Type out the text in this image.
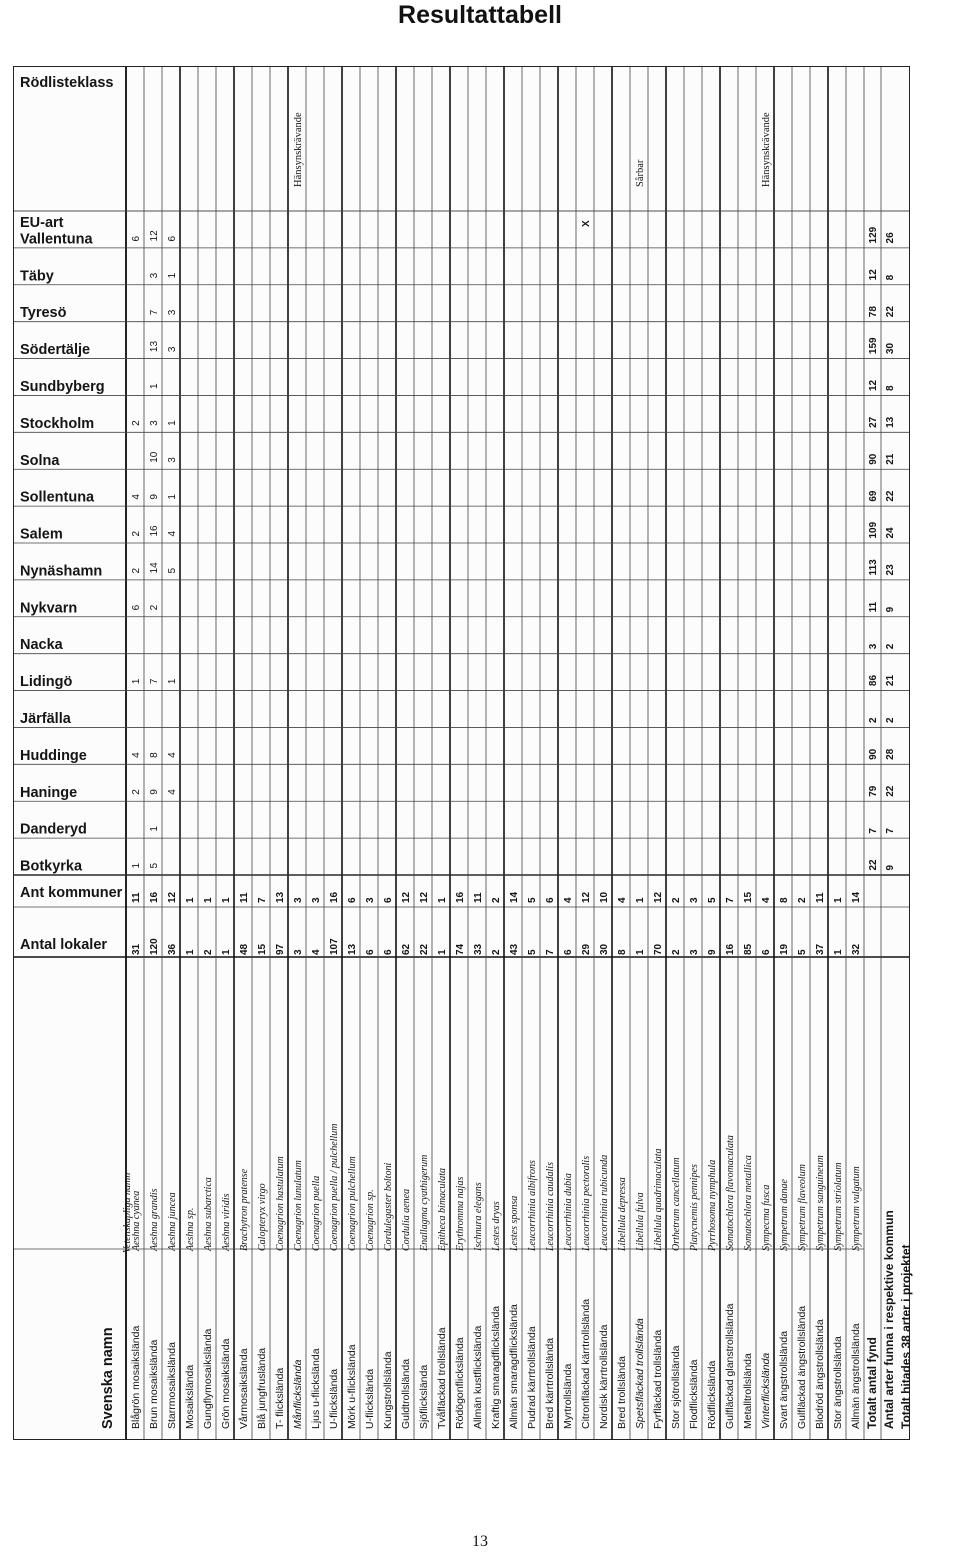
Resultattabell
Rödlisteklass
EU-art
Vallentuna
Täby
Tyresö
Södertälje
Sundbyberg
Stockholm
Solna
Sollentuna
Salem
Nynäshamn
Nykvarn
Nacka
Lidingö
Järfälla
Huddinge
Haninge
Danderyd
Botkyrka
Ant kommuner
Antal lokaler
Blågrön mosaikslända
Aeshna cyanea
31
11
Brun mosaikslända
Aeshna grandis
120
16
Starrmosaikslända
Aeshna juncea
36
12
Mosaikslända
Aeshna sp.
1
1
Gungflymosaikslända
Aeshna subarctica
2
1
Grön mosaikslända
Aeshna viridis
1
1
Vårmosaikslända
Brachytron pratense
48
11
Blå jungfruslända
Calopteryx virgo
15
7
T- flickslända
Coenagrion hastulatum
97
13
Månflickslända
Coenagrion lunulatum
3
3
Ljus u-flickslända
Coenagrion puella
4
3
U-flickslända
Coenagrion puella / pulchellum
107
16
Mörk u-flickslända
Coenagrion pulchellum
13
6
U-flickslända
Coenagrion sp.
6
3
Kungstrollslända
Cordulegaster boltoni
6
6
Guldtrollslända
Cordulia aenea
62
12
Sjöflickslända
Enallagma cyathigerum
22
12
Tvåfläckad trollslända
Epitheca bimaculata
1
1
Rödögonflickslända
Erythromma najas
74
16
Allmän kustflickslända
Ischnura elegans
33
11
Kraftig smaragdflickslända
Lestes dryas
2
2
Allmän smaragdflickslända
Lestes sponsa
43
14
Pudrad kärrtrollslända
Leucorrhinia albifrons
5
5
Bred kärrtrollslända
Leucorrhinia caudalis
7
6
Myrtrollslända
Leucorrhinia dubia
6
4
Citronfläckad kärrtrollslända
Leucorrhinia pectoralis
29
12
Nordisk kärrtrollslända
Leucorrhinia rubicunda
30
10
Bred trollslända
Libellula depressa
8
4
Spetsfläckad trollslända
Libellula fulva
1
1
Fyrfläckad trollslända
Libellula quadrimaculata
70
12
Stor sjötrollslända
Orthetrum cancellatum
2
2
Flodflickslända
Platycnemis pennipes
3
3
Rödflickslända
Pyrrhosoma nymphula
9
5
Gulfläckad glanstrollslända
Somatochlora flavomaculata
16
7
Metalltrollslända
Somatochlora metallica
85
15
Vinterflickslända
Sympecma fusca
6
4
Svart ängstrollslända
Sympetrum danae
19
8
Gulfläckad ängstrollslända
Sympetrum flaveolum
5
2
Blodröd ängstrollslända
Sympetrum sanguineum
37
11
Stor ängstrollslända
Sympetrum striolatum
1
1
Allmän ängstrollslända
Sympetrum vulgatum
32
14
Svenska namn
Vetenskapliga namn
6
2
4
2
2
6
1
4
2
1
12
3
7
13
1
3
10
9
16
14
2
7
8
9
1
5
6
1
3
3
1
3
1
4
5
1
4
4
Totalt antal fynd Antal arter funna i respektive kommun Totalt hitades 38 arter i projektet
129
12
78
159
12
27
90
69
109
113
11
3
86
2
90
79
7
22
26
8
22
30
8
13
21
22
24
23
9
2
21
2
28
22
7
9
Hänsynskrävande	Sårbar	Hänsynskrävande
X
13
